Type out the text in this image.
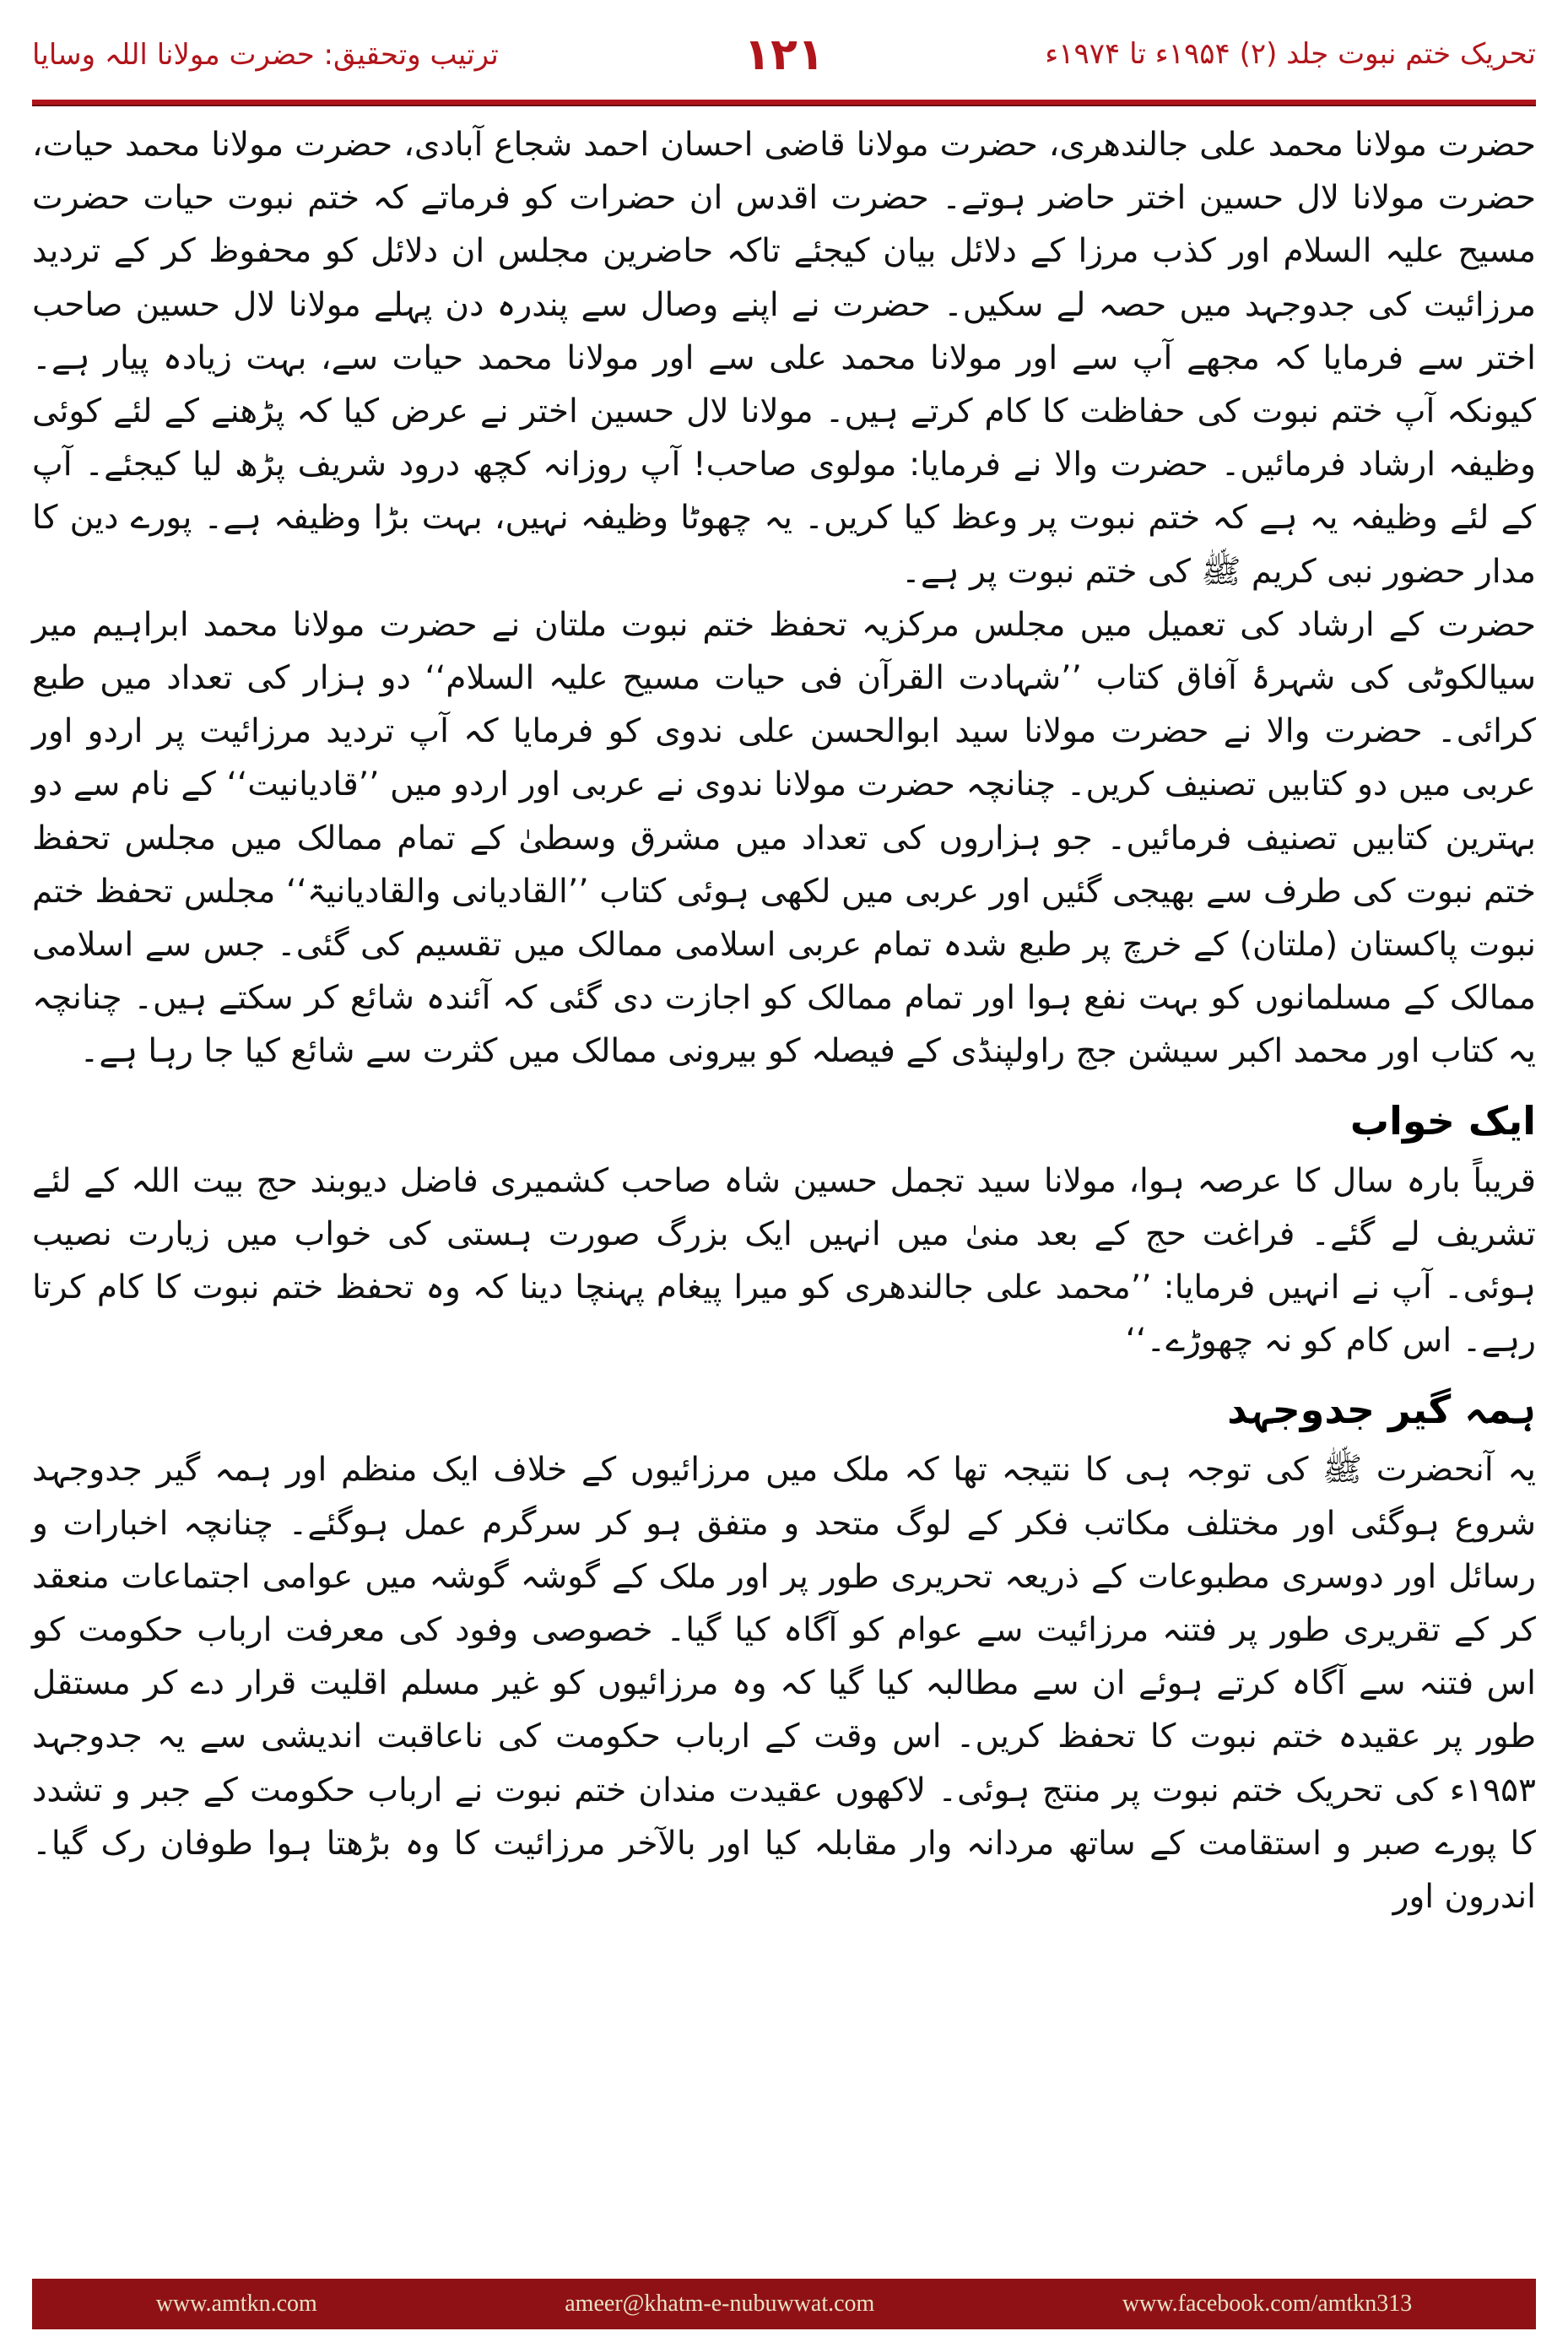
ترتیب وتحقیق: حضرت مولانا اللہ وسایا	۱۲۱	تحریک ختم نبوت جلد (۲) ۱۹۵۴ء تا ۱۹۷۴ء

حضرت مولانا محمد علی جالندھری، حضرت مولانا قاضی احسان احمد شجاع آبادی، حضرت مولانا محمد حیات، حضرت مولانا لال حسین اختر حاضر ہوتے۔ حضرت اقدس ان حضرات کو فرماتے کہ ختم نبوت حیات حضرت مسیح علیہ السلام اور کذب مرزا کے دلائل بیان کیجئے تاکہ حاضرین مجلس ان دلائل کو محفوظ کر کے تردید مرزائیت کی جدوجہد میں حصہ لے سکیں۔ حضرت نے اپنے وصال سے پندرہ دن پہلے مولانا لال حسین صاحب اختر سے فرمایا کہ مجھے آپ سے اور مولانا محمد علی سے اور مولانا محمد حیات سے، بہت زیادہ پیار ہے۔ کیونکہ آپ ختم نبوت کی حفاظت کا کام کرتے ہیں۔ مولانا لال حسین اختر نے عرض کیا کہ پڑھنے کے لئے کوئی وظیفہ ارشاد فرمائیں۔ حضرت والا نے فرمایا: مولوی صاحب! آپ روزانہ کچھ درود شریف پڑھ لیا کیجئے۔ آپ کے لئے وظیفہ یہ ہے کہ ختم نبوت پر وعظ کیا کریں۔ یہ چھوٹا وظیفہ نہیں، بہت بڑا وظیفہ ہے۔ پورے دین کا مدار حضور نبی کریم ﷺ کی ختم نبوت پر ہے۔

حضرت کے ارشاد کی تعمیل میں مجلس مرکزیہ تحفظ ختم نبوت ملتان نے حضرت مولانا محمد ابراہیم میر سیالکوٹی کی شہرۂ آفاق کتاب ’’شہادت القرآن فی حیات مسیح علیہ السلام‘‘ دو ہزار کی تعداد میں طبع کرائی۔ حضرت والا نے حضرت مولانا سید ابوالحسن علی ندوی کو فرمایا کہ آپ تردید مرزائیت پر اردو اور عربی میں دو کتابیں تصنیف کریں۔ چنانچہ حضرت مولانا ندوی نے عربی اور اردو میں ’’قادیانیت‘‘ کے نام سے دو بہترین کتابیں تصنیف فرمائیں۔ جو ہزاروں کی تعداد میں مشرق وسطیٰ کے تمام ممالک میں مجلس تحفظ ختم نبوت کی طرف سے بھیجی گئیں اور عربی میں لکھی ہوئی کتاب ’’القادیانی والقادیانیۃ‘‘ مجلس تحفظ ختم نبوت پاکستان (ملتان) کے خرچ پر طبع شدہ تمام عربی اسلامی ممالک میں تقسیم کی گئی۔ جس سے اسلامی ممالک کے مسلمانوں کو بہت نفع ہوا اور تمام ممالک کو اجازت دی گئی کہ آئندہ شائع کر سکتے ہیں۔ چنانچہ یہ کتاب اور محمد اکبر سیشن جج راولپنڈی کے فیصلہ کو بیرونی ممالک میں کثرت سے شائع کیا جا رہا ہے۔

ایک خواب

قریباً بارہ سال کا عرصہ ہوا، مولانا سید تجمل حسین شاہ صاحب کشمیری فاضل دیوبند حج بیت اللہ کے لئے تشریف لے گئے۔ فراغت حج کے بعد منیٰ میں انہیں ایک بزرگ صورت ہستی کی خواب میں زیارت نصیب ہوئی۔ آپ نے انہیں فرمایا: ’’محمد علی جالندھری کو میرا پیغام پہنچا دینا کہ وہ تحفظ ختم نبوت کا کام کرتا رہے۔ اس کام کو نہ چھوڑے۔‘‘

ہمہ گیر جدوجہد

یہ آنحضرت ﷺ کی توجہ ہی کا نتیجہ تھا کہ ملک میں مرزائیوں کے خلاف ایک منظم اور ہمہ گیر جدوجہد شروع ہوگئی اور مختلف مکاتب فکر کے لوگ متحد و متفق ہو کر سرگرم عمل ہوگئے۔ چنانچہ اخبارات و رسائل اور دوسری مطبوعات کے ذریعہ تحریری طور پر اور ملک کے گوشہ گوشہ میں عوامی اجتماعات منعقد کر کے تقریری طور پر فتنہ مرزائیت سے عوام کو آگاہ کیا گیا۔ خصوصی وفود کی معرفت ارباب حکومت کو اس فتنہ سے آگاہ کرتے ہوئے ان سے مطالبہ کیا گیا کہ وہ مرزائیوں کو غیر مسلم اقلیت قرار دے کر مستقل طور پر عقیدہ ختم نبوت کا تحفظ کریں۔ اس وقت کے ارباب حکومت کی ناعاقبت اندیشی سے یہ جدوجہد ۱۹۵۳ء کی تحریک ختم نبوت پر منتج ہوئی۔ لاکھوں عقیدت مندان ختم نبوت نے ارباب حکومت کے جبر و تشدد کا پورے صبر و استقامت کے ساتھ مردانہ وار مقابلہ کیا اور بالآخر مرزائیت کا وہ بڑھتا ہوا طوفان رک گیا۔ اندرون اور

www.amtkn.com	ameer@khatm-e-nubuwwat.com	www.facebook.com/amtkn313
